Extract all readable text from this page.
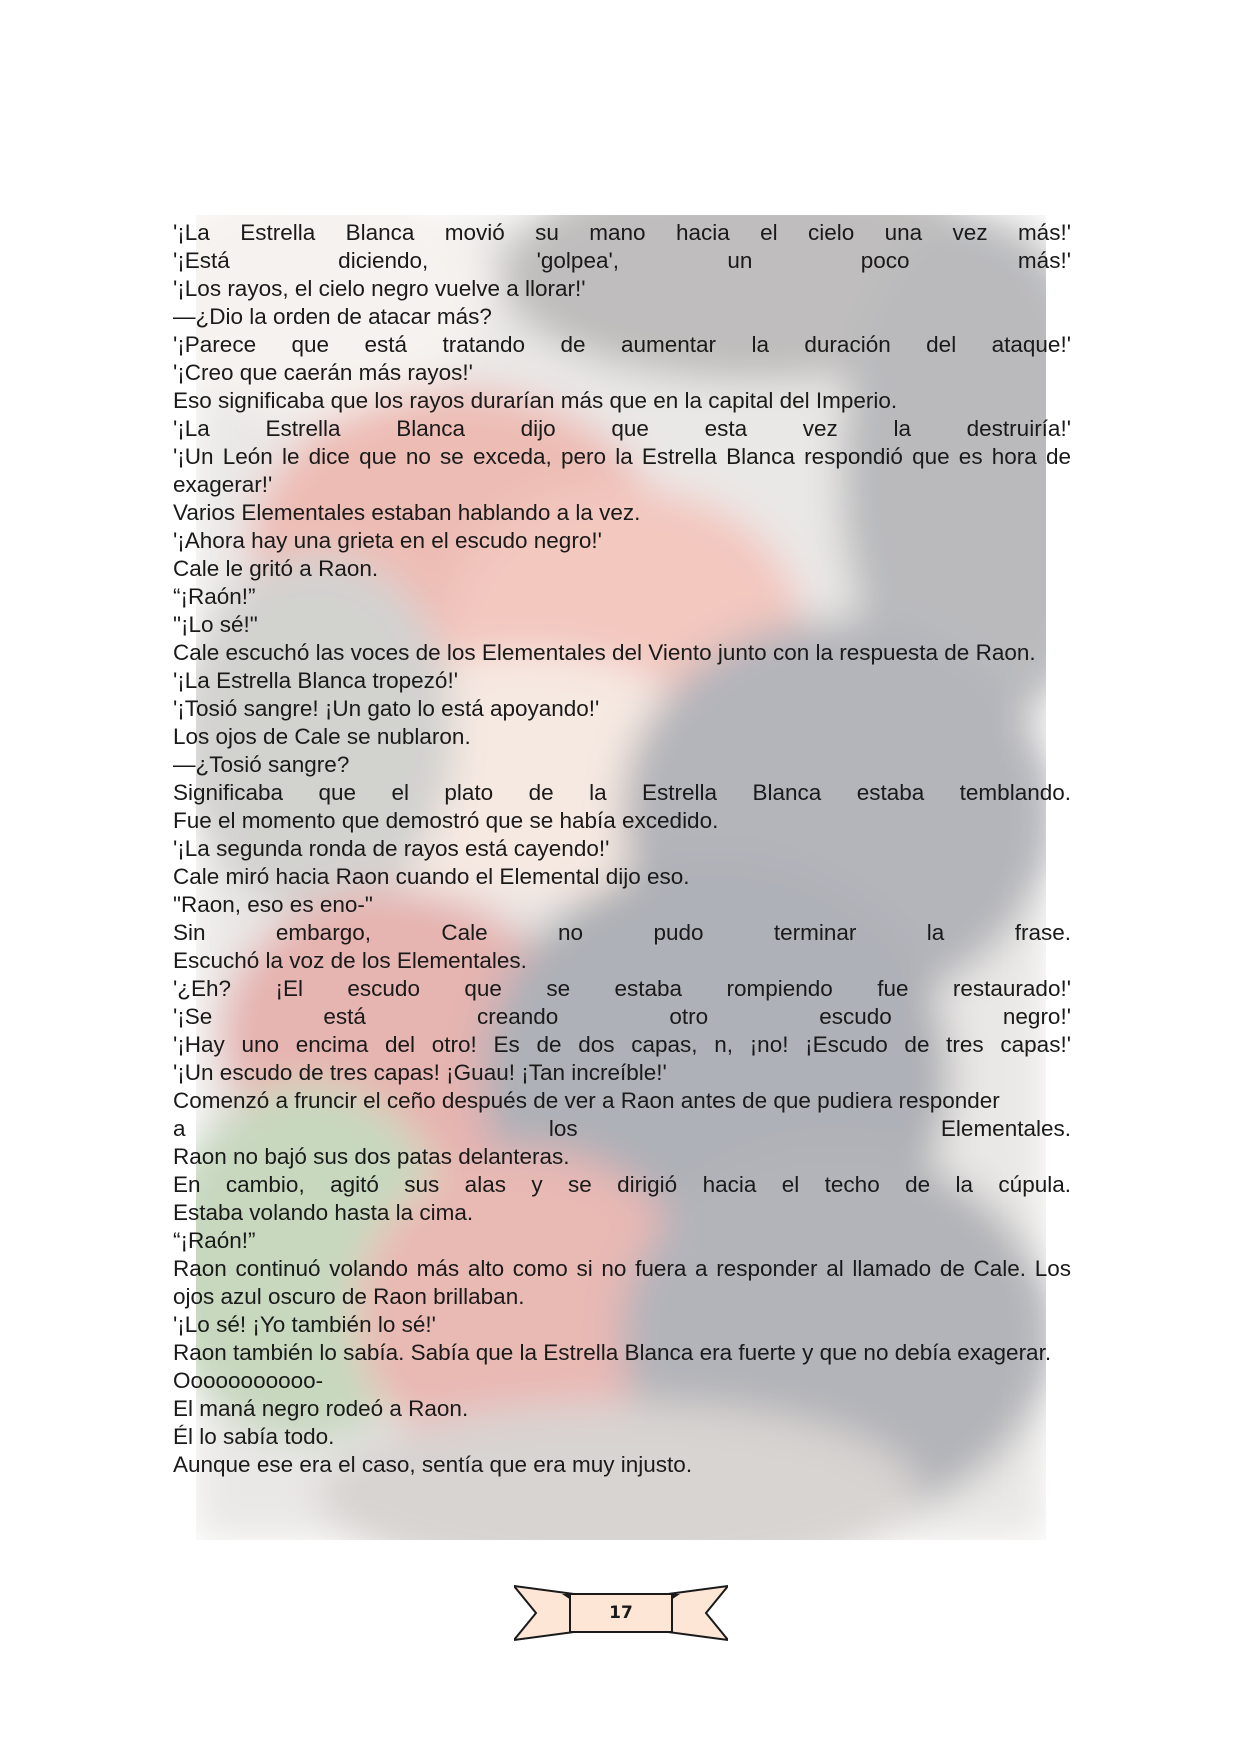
'¡La Estrella Blanca movió su mano hacia el cielo una vez más!'
'¡Está diciendo, 'golpea', un poco más!'
'¡Los rayos, el cielo negro vuelve a llorar!'
—¿Dio la orden de atacar más?
'¡Parece que está tratando de aumentar la duración del ataque!'
'¡Creo que caerán más rayos!'
Eso significaba que los rayos durarían más que en la capital del Imperio.
'¡La Estrella Blanca dijo que esta vez la destruiría!'
'¡Un León le dice que no se exceda, pero la Estrella Blanca respondió que es hora de exagerar!'
Varios Elementales estaban hablando a la vez.
'¡Ahora hay una grieta en el escudo negro!'
Cale le gritó a Raon.
“¡Raón!”
"¡Lo sé!"
Cale escuchó las voces de los Elementales del Viento junto con la respuesta de Raon.
'¡La Estrella Blanca tropezó!'
'¡Tosió sangre! ¡Un gato lo está apoyando!'
Los ojos de Cale se nublaron.
—¿Tosió sangre?
Significaba que el plato de la Estrella Blanca estaba temblando.
Fue el momento que demostró que se había excedido.
'¡La segunda ronda de rayos está cayendo!'
Cale miró hacia Raon cuando el Elemental dijo eso.
"Raon, eso es eno-"
Sin embargo, Cale no pudo terminar la frase.
Escuchó la voz de los Elementales.
'¿Eh? ¡El escudo que se estaba rompiendo fue restaurado!'
'¡Se está creando otro escudo negro!'
'¡Hay uno encima del otro! Es de dos capas, n, ¡no! ¡Escudo de tres capas!'
'¡Un escudo de tres capas! ¡Guau! ¡Tan increíble!'
Comenzó a fruncir el ceño después de ver a Raon antes de que pudiera responder
a los Elementales.
Raon no bajó sus dos patas delanteras.
En cambio, agitó sus alas y se dirigió hacia el techo de la cúpula.
Estaba volando hasta la cima.
“¡Raón!”
Raon continuó volando más alto como si no fuera a responder al llamado de Cale. Los ojos azul oscuro de Raon brillaban.
'¡Lo sé! ¡Yo también lo sé!'
Raon también lo sabía. Sabía que la Estrella Blanca era fuerte y que no debía exagerar.
Ooooooooooo-
El maná negro rodeó a Raon.
Él lo sabía todo.
Aunque ese era el caso, sentía que era muy injusto.
17
